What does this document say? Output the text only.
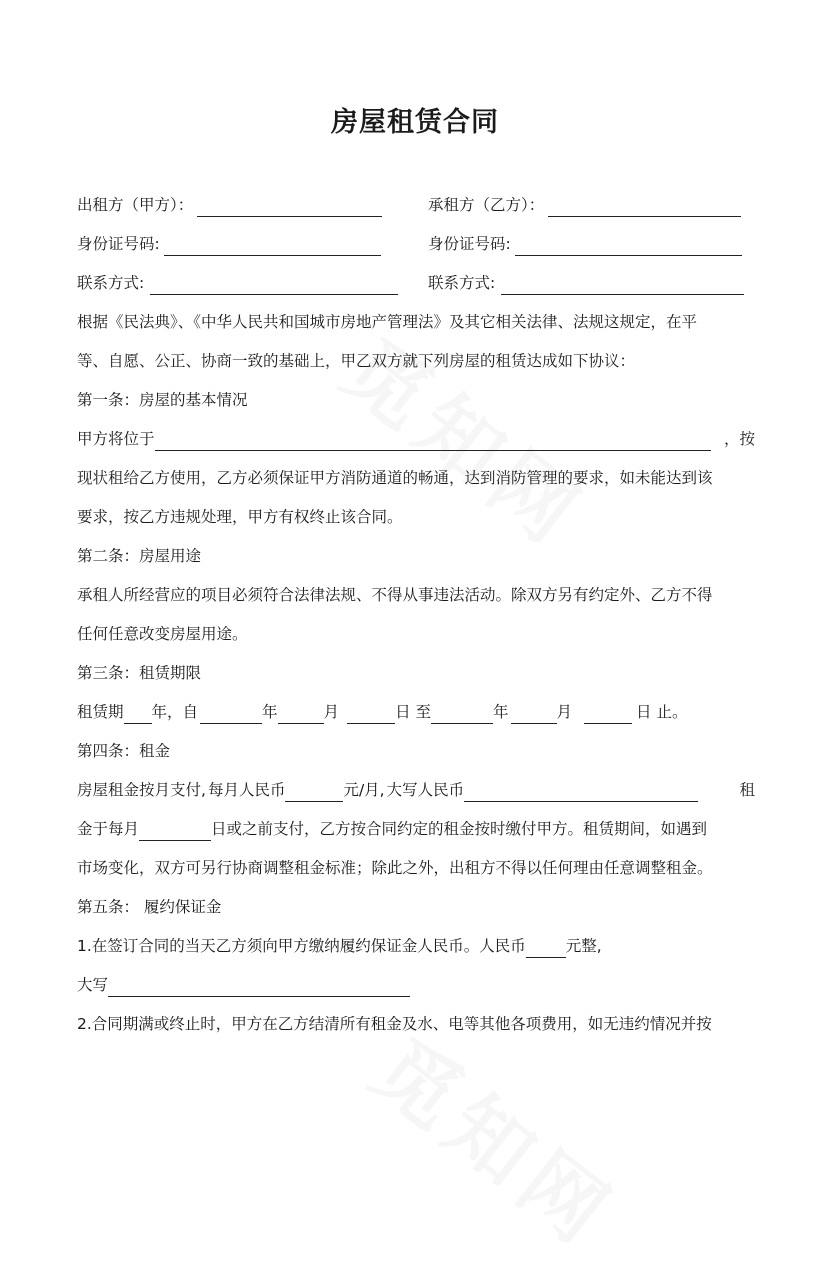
房屋租赁合同
出租方（甲方）：	承租方（乙方）：
身份证号码:	身份证号码:
联系方式:	联系方式:
根据《民法典》、《中华人民共和国城市房地产管理法》及其它相关法律、法规这规定，在平
等、自愿、公正、协商一致的基础上，甲乙双方就下列房屋的租赁达成如下协议：
第一条：房屋的基本情况
甲方将位于	，按
现状租给乙方使用，乙方必须保证甲方消防通道的畅通，达到消防管理的要求，如未能达到该
要求，按乙方违规处理，甲方有权终止该合同。
第二条：房屋用途
承租人所经营应的项目必须符合法律法规、不得从事违法活动。除双方另有约定外、乙方不得
任何任意改变房屋用途。
第三条：租赁期限
租赁期 年，自	年	月	日 至	年	月	日 止。
第四条：租金
房屋租金按月支付, 每月人民币	元/月, 大写人民币	租
金于每月	日或之前支付，乙方按合同约定的租金按时缴付甲方。租赁期间，如遇到
市场变化，双方可另行协商调整租金标准；除此之外，出租方不得以任何理由任意调整租金。
第五条： 履约保证金
1.在签订合同的当天乙方须向甲方缴纳履约保证金人民币。人民币	元整,
大写
2.合同期满或终止时，甲方在乙方结清所有租金及水、电等其他各项费用，如无违约情况并按
